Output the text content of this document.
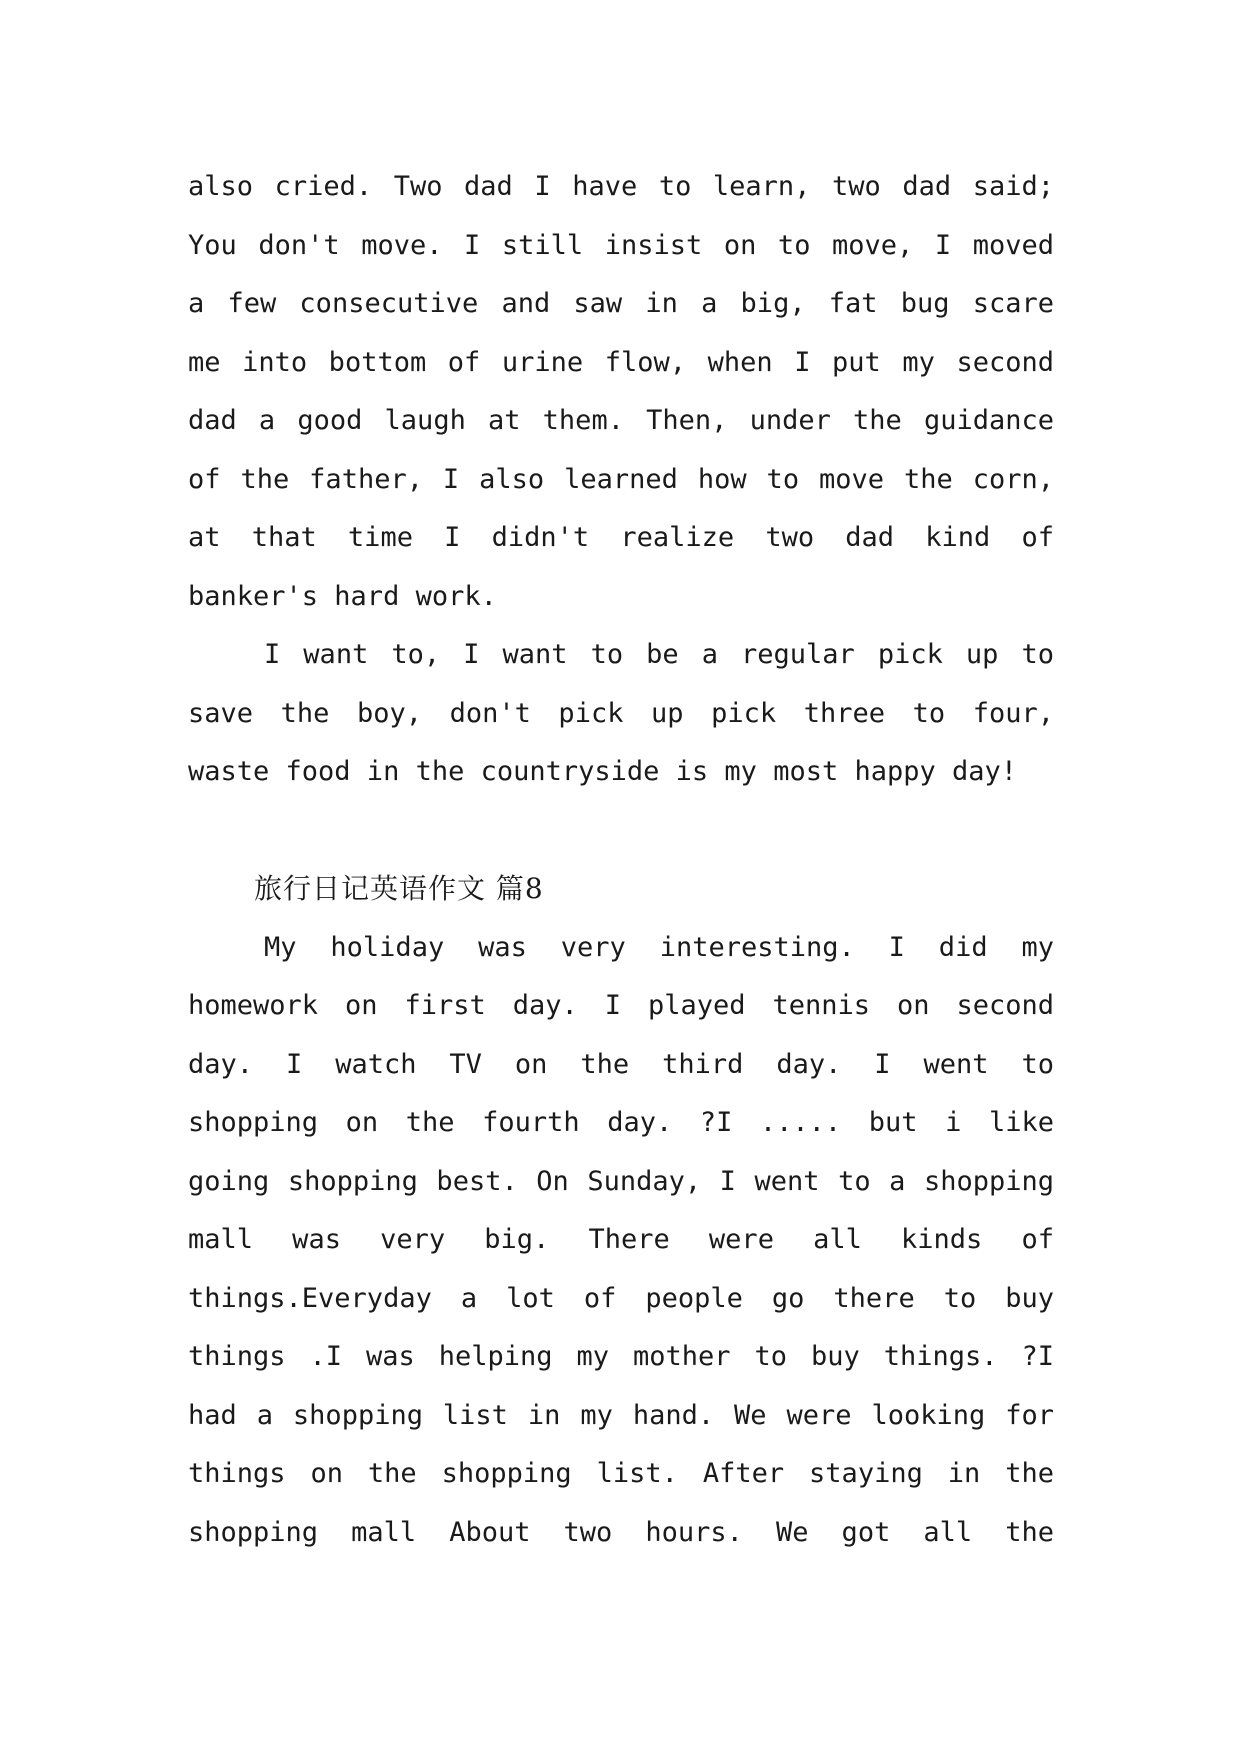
also cried. Two dad I have to learn, two dad said;
You don't move. I still insist on to move, I moved
a few consecutive and saw in a big, fat bug scare
me into bottom of urine flow, when I put my second
dad a good laugh at them. Then, under the guidance
of the father, I also learned how to move the corn,
at that time I didn't realize two dad kind of
banker's hard work.
I want to, I want to be a regular pick up to
save the boy, don't pick up pick three to four,
waste food in the countryside is my most happy day!
旅行日记英语作文 篇8
My holiday was very interesting. I did my
homework on first day. I played tennis on second
day. I watch TV on the third day. I went to
shopping on the fourth day. ?I ..... but i like
going shopping best. On Sunday, I went to a shopping
mall was very big. There were all kinds of
things.Everyday a lot of people go there to buy
things .I was helping my mother to buy things. ?I
had a shopping list in my hand. We were looking for
things on the shopping list. After staying in the
shopping mall About two hours. We got all the
